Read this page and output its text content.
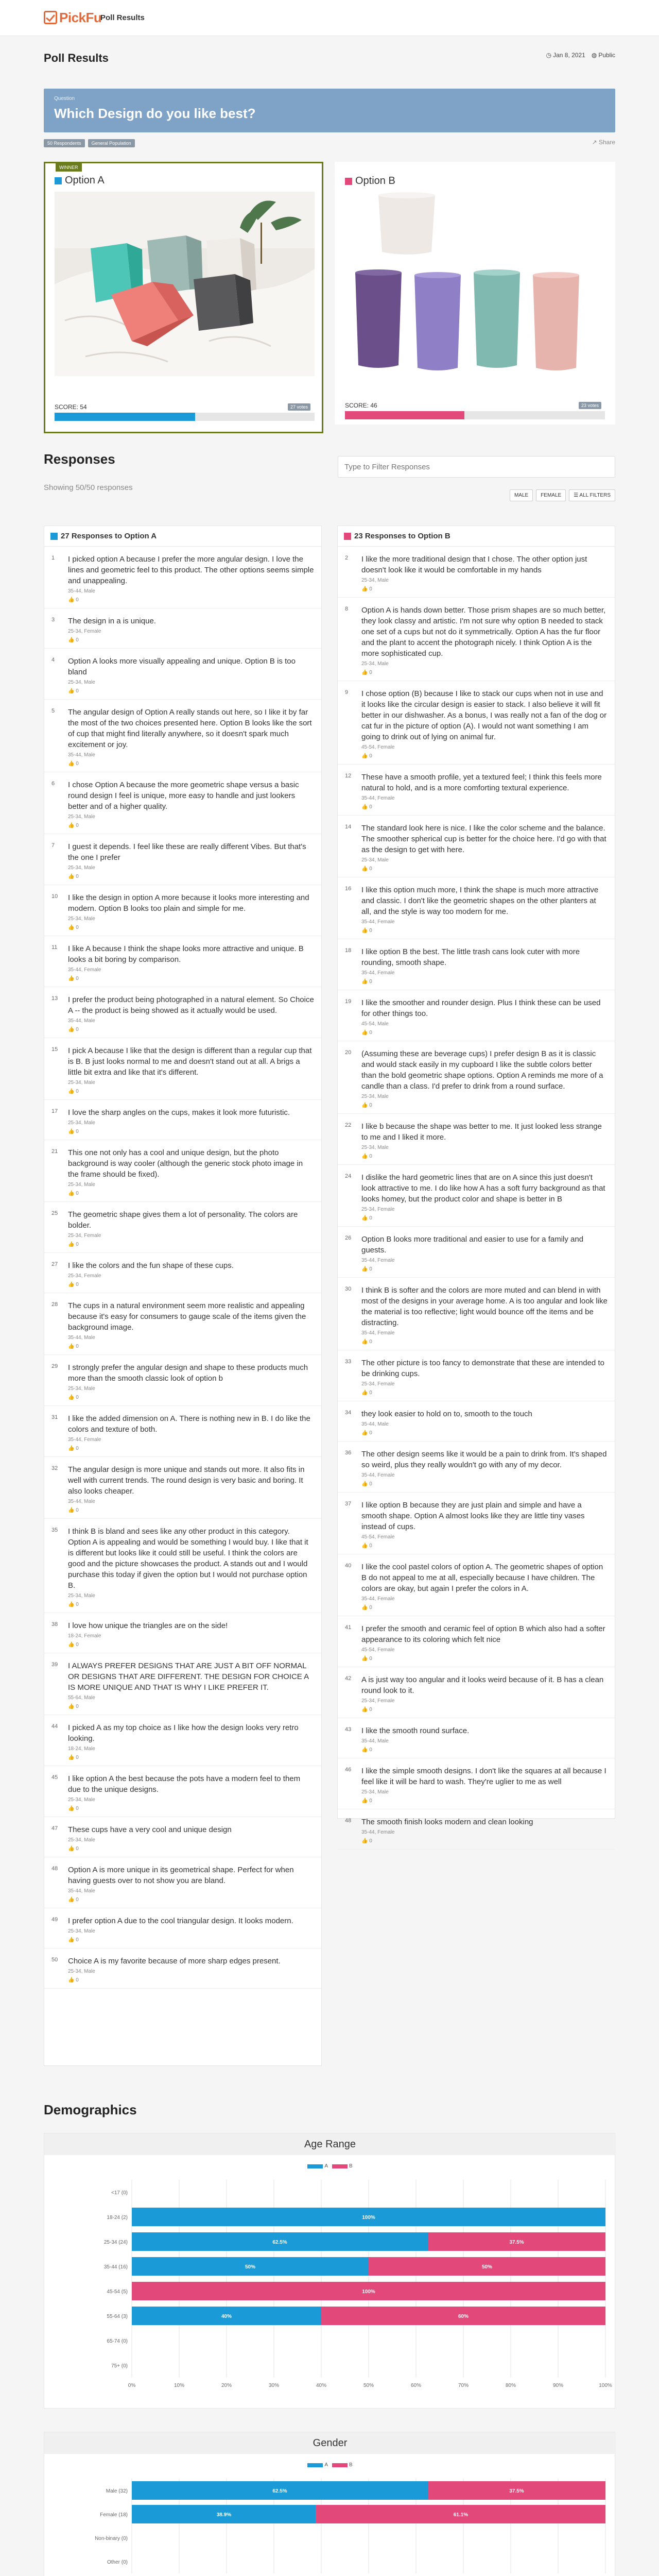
PickFu
Poll Results
Poll Results	◷ Jan 8, 2021 ◍ Public
Question
Which Design do you like best?
50 Respondents	General Population	↗ Share
WINNER
Option A
SCORE: 54	27 votes
Option B
SCORE: 46	23 votes
Responses
Showing 50/50 responses
Type to Filter Responses
MALE	FEMALE	☰ ALL FILTERS
27 Responses to Option A
1 I picked option A because I prefer the more angular design. I love the lines and geometric feel to this product. The other options seems simple and unappealing.
35-44, Male
👍 0
3 The design in a is unique.
25-34, Female
👍 0
4 Option A looks more visually appealing and unique. Option B is too bland
25-34, Male
👍 0
5 The angular design of Option A really stands out here, so I like it by far the most of the two choices presented here. Option B looks like the sort of cup that might find literally anywhere, so it doesn't spark much excitement or joy.
35-44, Male
👍 0
6 I chose Option A because the more geometric shape versus a basic round design I feel is unique, more easy to handle and just lookers better and of a higher quality.
25-34, Male
👍 0
7 I guest it depends. I feel like these are really different Vibes. But that's the one I prefer
25-34, Male
👍 0
10 I like the design in option A more because it looks more interesting and modern. Option B looks too plain and simple for me.
25-34, Male
👍 0
11 I like A because I think the shape looks more attractive and unique. B looks a bit boring by comparison.
35-44, Female
👍 0
13 I prefer the product being photographed in a natural element. So Choice A -- the product is being showed as it actually would be used.
35-44, Male
👍 0
15 I pick A because I like that the design is different than a regular cup that is B. B just looks normal to me and doesn't stand out at all. A brigs a little bit extra and like that it's different.
25-34, Male
👍 0
17 I love the sharp angles on the cups, makes it look more futuristic.
25-34, Male
👍 0
21 This one not only has a cool and unique design, but the photo background is way cooler (although the generic stock photo image in the frame should be fixed).
25-34, Male
👍 0
25 The geometric shape gives them a lot of personality. The colors are bolder.
25-34, Female
👍 0
27 I like the colors and the fun shape of these cups.
25-34, Female
👍 0
28 The cups in a natural environment seem more realistic and appealing because it's easy for consumers to gauge scale of the items given the background image.
35-44, Male
👍 0
29 I strongly prefer the angular design and shape to these products much more than the smooth classic look of option b
25-34, Male
👍 0
31 I like the added dimension on A. There is nothing new in B. I do like the colors and texture of both.
35-44, Female
👍 0
32 The angular design is more unique and stands out more. It also fits in well with current trends. The round design is very basic and boring. It also looks cheaper.
35-44, Male
👍 0
35 I think B is bland and sees like any other product in this category. Option A is appealing and would be something I would buy. I like that it is different but looks like it could still be useful. I think the colors are good and the picture showcases the product. A stands out and I would purchase this today if given the option but I would not purchase option B.
25-34, Male
👍 0
38 I love how unique the triangles are on the side!
18-24, Female
👍 0
39 I ALWAYS PREFER DESIGNS THAT ARE JUST A BIT OFF NORMAL OR DESIGNS THAT ARE DIFFERENT. THE DESIGN FOR CHOICE A IS MORE UNIQUE AND THAT IS WHY I LIKE PREFER IT.
55-64, Male
👍 0
44 I picked A as my top choice as I like how the design looks very retro looking.
18-24, Male
👍 0
45 I like option A the best because the pots have a modern feel to them due to the unique designs.
25-34, Male
👍 0
47 These cups have a very cool and unique design
25-34, Male
👍 0
48 Option A is more unique in its geometrical shape. Perfect for when having guests over to not show you are bland.
35-44, Male
👍 0
49 I prefer option A due to the cool triangular design. It looks modern.
25-34, Male
👍 0
50 Choice A is my favorite because of more sharp edges present.
25-34, Male
👍 0
23 Responses to Option B
2 I like the more traditional design that I chose. The other option just doesn't look like it would be comfortable in my hands
25-34, Male
👍 0
8 Option A is hands down better. Those prism shapes are so much better, they look classy and artistic. I'm not sure why option B needed to stack one set of a cups but not do it symmetrically. Option A has the fur floor and the plant to accent the photograph nicely. I think Option A is the more sophisticated cup.
25-34, Male
👍 0
9 I chose option (B) because I like to stack our cups when not in use and it looks like the circular design is easier to stack. I also believe it will fit better in our dishwasher. As a bonus, I was really not a fan of the dog or cat fur in the picture of option (A). I would not want something I am going to drink out of lying on animal fur.
45-54, Female
👍 0
12 These have a smooth profile, yet a textured feel; I think this feels more natural to hold, and is a more comforting textural experience.
35-44, Female
👍 0
14 The standard look here is nice. I like the color scheme and the balance. The smoother spherical cup is better for the choice here. I'd go with that as the design to get with here.
25-34, Male
👍 0
16 I like this option much more, I think the shape is much more attractive and classic. I don't like the geometric shapes on the other planters at all, and the style is way too modern for me.
35-44, Female
👍 0
18 I like option B the best. The little trash cans look cuter with more rounding, smooth shape.
35-44, Female
👍 0
19 I like the smoother and rounder design. Plus I think these can be used for other things too.
45-54, Male
👍 0
20 (Assuming these are beverage cups) I prefer design B as it is classic and would stack easily in my cupboard I like the subtle colors better than the bold geometric shape options. Option A reminds me more of a candle than a class. I'd prefer to drink from a round surface.
25-34, Male
👍 0
22 I like b because the shape was better to me. It just looked less strange to me and I liked it more.
25-34, Male
👍 0
24 I dislike the hard geometric lines that are on A since this just doesn't look attractive to me. I do like how A has a soft furry background as that looks homey, but the product color and shape is better in B
25-34, Female
👍 0
26 Option B looks more traditional and easier to use for a family and guests.
35-44, Female
👍 0
30 I think B is softer and the colors are more muted and can blend in with most of the designs in your average home. A is too angular and look like the material is too reflective; light would bounce off the items and be distracting.
35-44, Female
👍 0
33 The other picture is too fancy to demonstrate that these are intended to be drinking cups.
25-34, Female
👍 0
34 they look easier to hold on to, smooth to the touch
35-44, Male
👍 0
36 The other design seems like it would be a pain to drink from. It's shaped so weird, plus they really wouldn't go with any of my decor.
35-44, Female
👍 0
37 I like option B because they are just plain and simple and have a smooth shape. Option A almost looks like they are little tiny vases instead of cups.
45-54, Female
👍 0
40 I like the cool pastel colors of option A. The geometric shapes of option B do not appeal to me at all, especially because I have children. The colors are okay, but again I prefer the colors in A.
35-44, Female
👍 0
41 I prefer the smooth and ceramic feel of option B which also had a softer appearance to its coloring which felt nice
45-54, Female
👍 0
42 A is just way too angular and it looks weird because of it. B has a clean round look to it.
25-34, Female
👍 0
43 I like the smooth round surface.
35-44, Male
👍 0
46 I like the simple smooth designs. I don't like the squares at all because I feel like it will be hard to wash. They're uglier to me as well
25-34, Male
👍 0
48 The smooth finish looks modern and clean looking
35-44, Female
👍 0
Demographics
Age Range
A	B
0%	10%	20%	30%	40%	50%	60%	70%	80%	90%	100%
<17 (0)
18-24 (2)	100%
25-34 (24)	62.5%	37.5%
35-44 (16)	50%	50%
45-54 (5)	100%
55-64 (3)	40%	60%
65-74 (0)
75+ (0)
Gender
A	B
Male (32)	62.5%	37.5%
Female (18)	38.9%	61.1%
Non-binary (0)
Other (0)
